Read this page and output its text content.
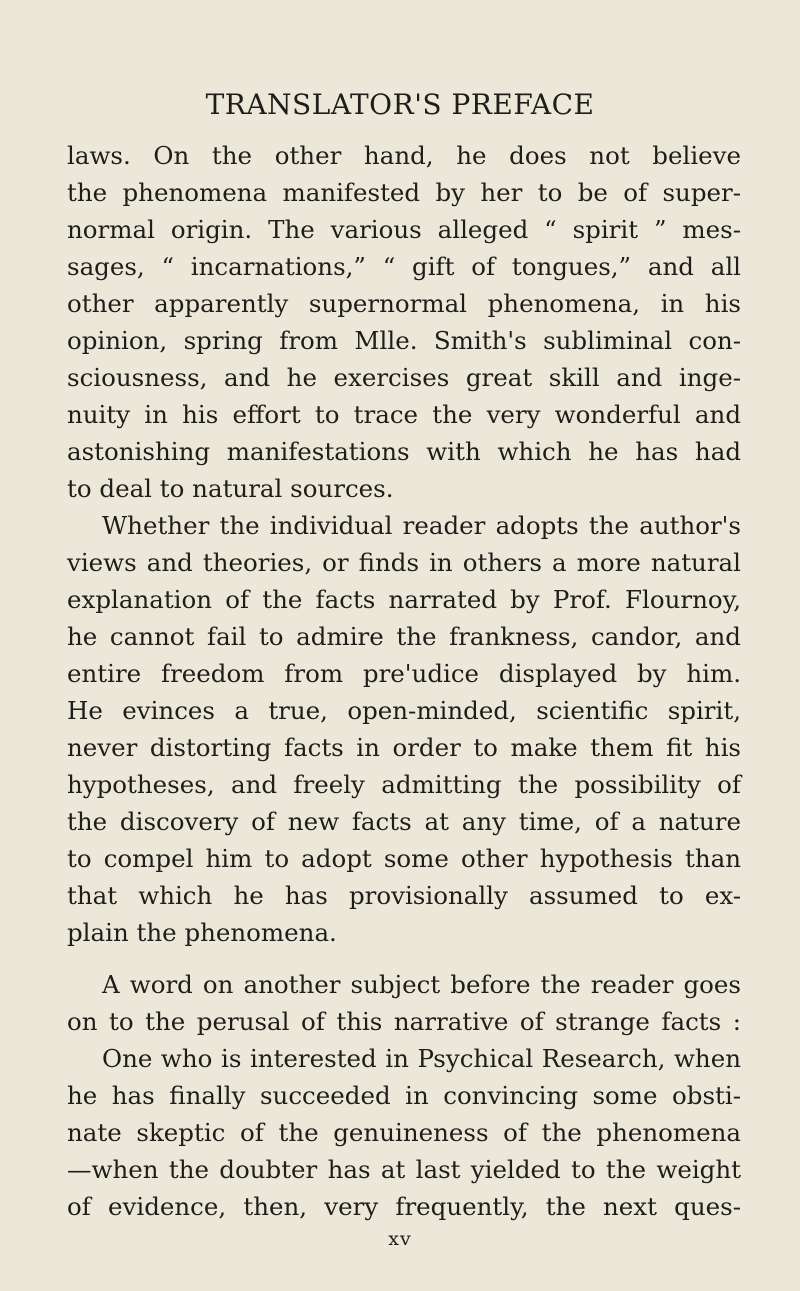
TRANSLATOR'S PREFACE
laws. On the other hand, he does not believe
the phenomena manifested by her to be of super-
normal origin. The various alleged “ spirit ” mes-
sages, “ incarnations,” “ gift of tongues,” and all
other apparently supernormal phenomena, in his
opinion, spring from Mlle. Smith's subliminal con-
sciousness, and he exercises great skill and inge-
nuity in his effort to trace the very wonderful and
astonishing manifestations with which he has had
to deal to natural sources.
Whether the individual reader adopts the author's
views and theories, or finds in others a more natural
explanation of the facts narrated by Prof. Flournoy,
he cannot fail to admire the frankness, candor, and
entire freedom from pre'udice displayed by him.
He evinces a true, open-minded, scientific spirit,
never distorting facts in order to make them fit his
hypotheses, and freely admitting the possibility of
the discovery of new facts at any time, of a nature
to compel him to adopt some other hypothesis than
that which he has provisionally assumed to ex-
plain the phenomena.
A word on another subject before the reader goes
on to the perusal of this narrative of strange facts :
One who is interested in Psychical Research, when
he has finally succeeded in convincing some obsti-
nate skeptic of the genuineness of the phenomena
—when the doubter has at last yielded to the weight
of evidence, then, very frequently, the next ques-
xv
